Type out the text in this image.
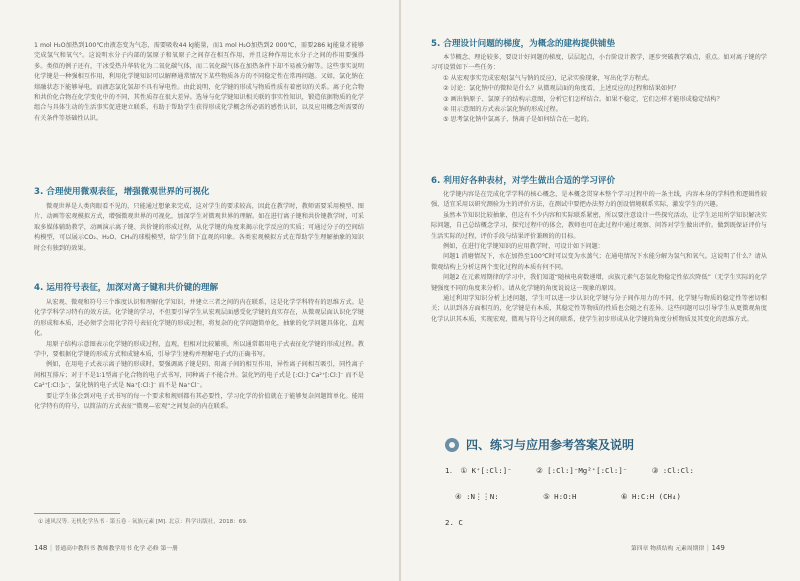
1 mol H₂O加热到100℃由液态变为气态，需要吸收44 kJ能量，而1 mol H₂O加热到2 000℃，需要286 kJ能量才能够完成氢气和氧气°。这说明水分子内部的氢原子和氧原子之间存在相互作用，并且这种作用比水分子之间的作用要强得多。类似的例子还有，干冰受热升华转化为二氧化碳气体，而二氧化碳气体在加热条件下却不易被分解等。这些事实说明化学键是一种强相互作用，利用化学键知识可以解释通常情况下某些物质各方的不同稳定性在常再问题。又如，氯化钠在熔融状态下能够导电，而液态氯化氢却不具有导电性。由此说明，化学键的形成与物质性质有着密切的关系。离子化合物和共价化合物在化学变化中的不同，其性质存在很大差异。选导与化学键知识相关联的事实性知识，锻造依据物质的化学组合与具体生动的生活事实促进建立联系，有助于帮助学生获得形成化学概念所必需的感性认识，以及应用概念所需要的有关条件等基础性认识。

3. 合理使用微观表征，增强微观世界的可视化

微观世界是人类肉眼看不见的，只能通过想象来完成，这对学生的要求较高，因此在教学时，教师需要采用模型、图片、动画等宏观模拟方式，增强微观世界的可视化，加深学生对微观世界的理解。如在进行离子键和共价键教学时，可采取多媒体辅助教学，动画演示离子键、共价键的形成过程，从化学键的角度来揭示化学反应的实质；可通过分子的空间结构模型，可以展示CO₂、H₂O、CH₄的球棍模型，给学生留下直观的印象。各类宏观模拟方式在帮助学生理解抽象的知识时会有独到的效果。

4. 运用符号表征，加深对离子键和共价键的理解

从宏观、微观和符号三个维度认识和理解化学知识，并建立三者之间的内在联系，这是化学学科特有的思维方式。是化学学科学习特有的效方法。化学键的学习，不但要引导学生从宏观层面感受化学键的真实存在，从微观层面认识化学键的形成和本质，还必须学会用化学符号表征化学键的形成过程，将复杂的化学问题简单化，抽象的化学问题具体化、直观化。

用原子结构示意图表示化学键的形成过程，直观，但相对比较繁琐，所以通常都用电子式表征化学键的形成过程。教学中，要根据化学键的形成方式和成键本质，引导学生建构并理解电子式的正确书写。

例如，在用电子式表示离子键的形成时，要强调离子键是阴、阳离子间的相互作用，异性离子间相互吸引，同性离子间相互排斥；对于不是1∶1型离子化合物的电子式书写，同种离子不能合并。氯化钙的电子式是 [:Cl:]⁻Ca²⁺[:Cl:]⁻ 而不是 Ca²⁺[:Cl:]₂⁻，氯化钠的电子式是 Na⁺[:Cl:]⁻ 而不是 Na⁺Cl⁻。

要让学生体会到对电子式书写的每一个要求和规则都有其必要性，学习化学的价值就在于能够复杂问题简单化。能用化学特有的符号，以简洁的方式表征“微观—宏观”之间复杂的内在联系。

① 速风汉等. 无机化学丛书 · 第五卷 · 氧族元素 [M]. 北京：科学出版社，2018：69.
148 │ 普通高中教科书 教师教学用书 化学 必修 第一册
5. 合理设计问题的梯度，为概念的建构提供铺垫

本节概念、理论较多，要设计好问题的梯度，层层起点，小台阶设计教学，逐步突破教学难点，重点。如对离子键的学习可设置如下一些任务：

① 从宏观事实完成宏观(氯气与钠的反应)，记录实验现象，写出化学方程式。

② 讨论：氯化钠中的微粒是什么？从微观层面的角度看，上述反应的过程和结果如何？

③ 画出钠原子、氯原子的结构示意图，分析它们怎样结合。如果不稳定，它们怎样才能形成稳定结构？

④ 用示意图的方式表示氯化钠的形成过程。

⑤ 思考氯化钠中氯离子、钠离子是如何结合在一起的。

6. 利用好各种表材，对学生做出合适的学习评价

化学键内容是在完成化学学科的核心概念，是本概念贯穿本整个学习过程中的一条主线，内容本身的学科性和逻辑性较强，适宜采用以研究测验为主的评价方法，在测试中要把办法努力的创设情境联系实际，激发学生的兴趣。

虽然本节知识比较抽象，但这有不少内容和实际联系紧密，所以要注意设计一些探究活动，让学生运用所学知识解决实际问题，自己总结概念学习，探究过程中的体会，教师也可在此过程中通过观察、问答对学生做出评价。做到既保证评价与生活实际的过程，评价手段与结果评价兼顾的的目标。

例如，在进行化学键知识的应用教学时，可设计如下问题：

问题1 消磨情况下，水在加热至100℃时可以变为水蒸气；在通电情况下水能分解为氢气和氧气。这说明了什么？请从微观结构上分析这两个变化过程的本质有何不同。

问题2 在元素周期律的学习中，我们知道“随核电荷数递增，卤族元素气态氢化物稳定性依次降低”（无学生实际的化学键强度不同的角度来分析）。请从化学键的角度说说这一现象的原因。

通过利用学知识分析上述问题，学生可以进一步认识化学键与分子间作用力的不同，化学键与物质的稳定性等密切相关；认识到各方面相互的，化学键是有本质，其稳定性等物质的性质也会随之有差异。这些问题可以引导学生从更微观角度化学认识其本质，实现宏观、微观与符号之间的联系，使学生初步形成从化学键的角度分析物质及其变化的思维方式。

四、练习与应用参考答案及说明
1. ① K⁺[:Cl:]⁻	② [:Cl:]⁻Mg²⁺[:Cl:]⁻	③ :Cl:Cl:
④ :N⋮⋮N:	⑤ H:O:H	⑥ H:C:H (CH₄)
2. C
第四章 物质结构 元素周期律 │ 149
